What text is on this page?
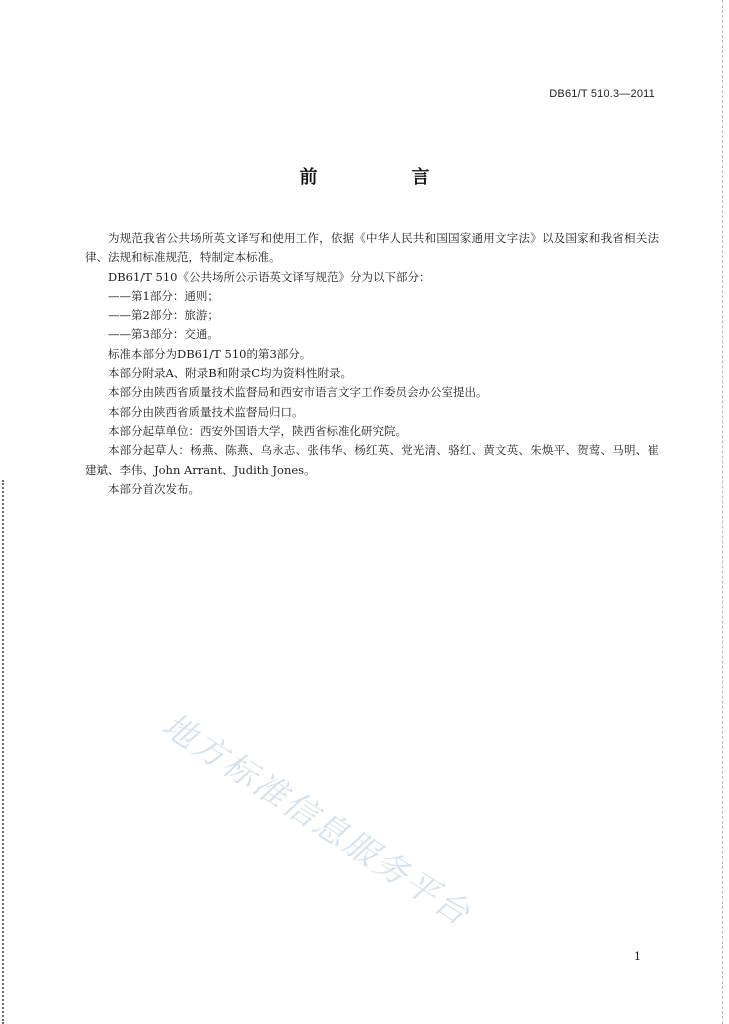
DB61/T 510.3—2011
前　言

为规范我省公共场所英文译写和使用工作，依据《中华人民共和国国家通用文字法》以及国家和我省相关法律、法规和标准规范，特制定本标准。

DB61/T 510《公共场所公示语英文译写规范》分为以下部分：

——第1部分：通则；

——第2部分：旅游；

——第3部分：交通。

标准本部分为DB61/T 510的第3部分。

本部分附录A、附录B和附录C均为资料性附录。

本部分由陕西省质量技术监督局和西安市语言文字工作委员会办公室提出。

本部分由陕西省质量技术监督局归口。

本部分起草单位：西安外国语大学，陕西省标准化研究院。

本部分起草人：杨燕、陈燕、乌永志、张伟华、杨红英、党光清、骆红、黄文英、朱焕平、贺莺、马明、崔建斌、李伟、John Arrant、Judith Jones。

本部分首次发布。

地方标准信息服务平台
1
